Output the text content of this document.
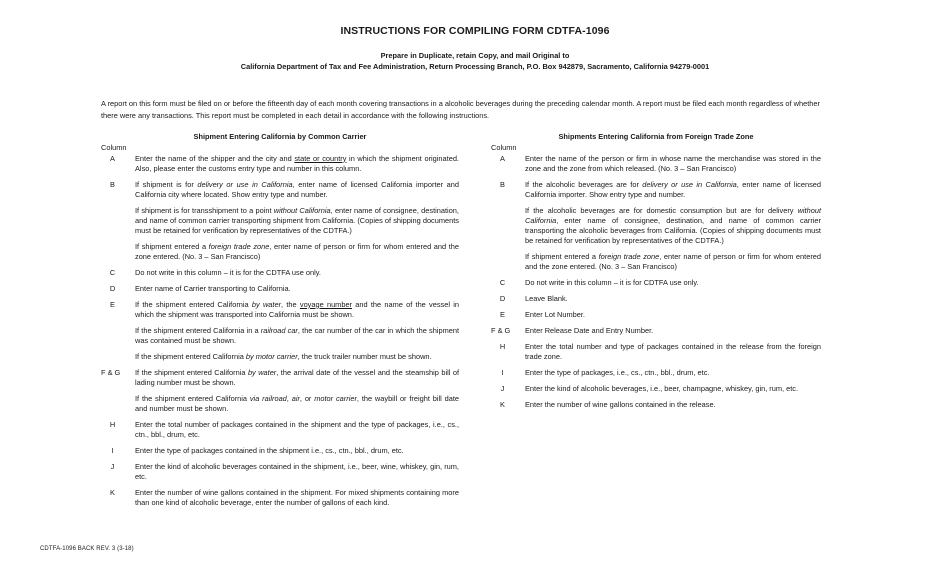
INSTRUCTIONS FOR COMPILING FORM CDTFA-1096
Prepare in Duplicate, retain Copy, and mail Original to
California Department of Tax and Fee Administration, Return Processing Branch, P.O. Box 942879, Sacramento, California 94279-0001
A report on this form must be filed on or before the fifteenth day of each month covering transactions in a alcoholic beverages during the preceding calendar month. A report must be filed each month regardless of whether there were any transactions. This report must be completed in each detail in accordance with the following instructions.
Shipment Entering California by Common Carrier
Column
A	Enter the name of the shipper and the city and state or country in which the shipment originated. Also, please enter the customs entry type and number in this column.

B	If shipment is for delivery or use in California, enter name of licensed California importer and California city where located. Show entry type and number.

If shipment is for transshipment to a point without California, enter name of consignee, destination, and name of common carrier transporting shipment from California. (Copies of shipping documents must be retained for verification by representatives of the CDTFA.)

If shipment entered a foreign trade zone, enter name of person or firm for whom entered and the zone entered. (No. 3 – San Francisco)

C	Do not write in this column – it is for the CDTFA use only.

D	Enter name of Carrier transporting to California.

E	If the shipment entered California by water, the voyage number and the name of the vessel in which the shipment was transported into California must be shown.

If the shipment entered California in a railroad car, the car number of the car in which the shipment was contained must be shown.

If the shipment entered California by motor carrier, the truck trailer number must be shown.

F & G	If the shipment entered California by water, the arrival date of the vessel and the steamship bill of lading number must be shown.

If the shipment entered California via railroad, air, or motor carrier, the waybill or freight bill date and number must be shown.

H	Enter the total number of packages contained in the shipment and the type of packages, i.e., cs., ctn., bbl., drum, etc.

I	Enter the type of packages contained in the shipment i.e., cs., ctn., bbl., drum, etc.

J	Enter the kind of alcoholic beverages contained in the shipment, i.e., beer, wine, whiskey, gin, rum, etc.

K	Enter the number of wine gallons contained in the shipment. For mixed shipments containing more than one kind of alcoholic beverage, enter the number of gallons of each kind.

Shipments Entering California from Foreign Trade Zone
Column
A	Enter the name of the person or firm in whose name the merchandise was stored in the zone and the zone from which released. (No. 3 – San Francisco)

B	If the alcoholic beverages are for delivery or use in California, enter name of licensed California importer. Show entry type and number.

If the alcoholic beverages are for domestic consumption but are for delivery without California, enter name of consignee, destination, and name of common carrier transporting the alcoholic beverages from California. (Copies of shipping documents must be retained for verification by representatives of the CDTFA.)

If shipment entered a foreign trade zone, enter name of person or firm for whom entered and the zone entered. (No. 3 – San Francisco)

C	Do not write in this column – it is for CDTFA use only.

D	Leave Blank.

E	Enter Lot Number.

F & G	Enter Release Date and Entry Number.

H	Enter the total number and type of packages contained in the release from the foreign trade zone.

I	Enter the type of packages, i.e., cs., ctn., bbl., drum, etc.

J	Enter the kind of alcoholic beverages, i.e., beer, champagne, whiskey, gin, rum, etc.

K	Enter the number of wine gallons contained in the release.

CDTFA-1096 BACK REV. 3 (3-18)
